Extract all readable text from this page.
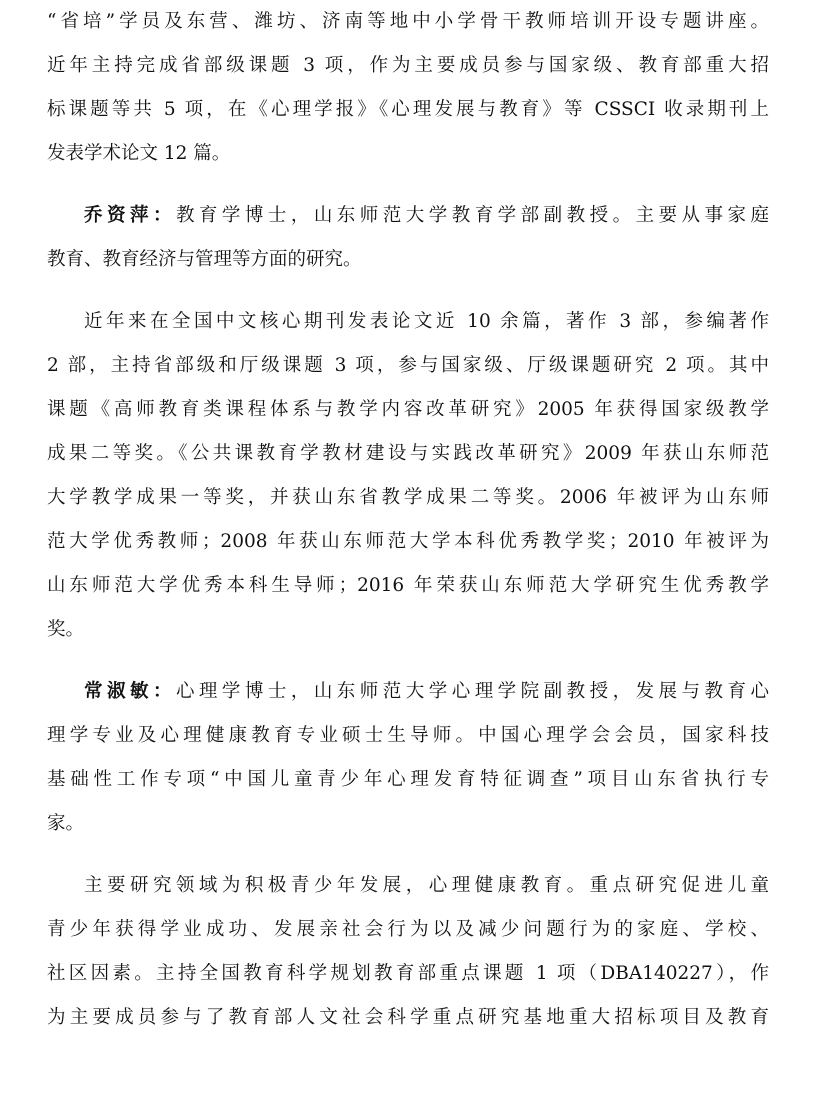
“省培”学员及东营、潍坊、济南等地中小学骨干教师培训开设专题讲座。
近年主持完成省部级课题 3 项，作为主要成员参与国家级、教育部重大招
标课题等共 5 项，在《心理学报》《心理发展与教育》等 CSSCI 收录期刊上
发表学术论文 12 篇。
乔资萍：教育学博士，山东师范大学教育学部副教授。主要从事家庭
教育、教育经济与管理等方面的研究。
近年来在全国中文核心期刊发表论文近 10 余篇，著作 3 部，参编著作
2 部，主持省部级和厅级课题 3 项，参与国家级、厅级课题研究 2 项。其中
课题《高师教育类课程体系与教学内容改革研究》2005 年获得国家级教学
成果二等奖。《公共课教育学教材建设与实践改革研究》2009 年获山东师范
大学教学成果一等奖，并获山东省教学成果二等奖。2006 年被评为山东师
范大学优秀教师；2008 年获山东师范大学本科优秀教学奖；2010 年被评为
山东师范大学优秀本科生导师；2016 年荣获山东师范大学研究生优秀教学
奖。
常淑敏：心理学博士，山东师范大学心理学院副教授，发展与教育心
理学专业及心理健康教育专业硕士生导师。中国心理学会会员，国家科技
基础性工作专项“中国儿童青少年心理发育特征调查”项目山东省执行专
家。
主要研究领域为积极青少年发展，心理健康教育。重点研究促进儿童
青少年获得学业成功、发展亲社会行为以及减少问题行为的家庭、学校、
社区因素。主持全国教育科学规划教育部重点课题 1 项（DBA140227），作
为主要成员参与了教育部人文社会科学重点研究基地重大招标项目及教育
